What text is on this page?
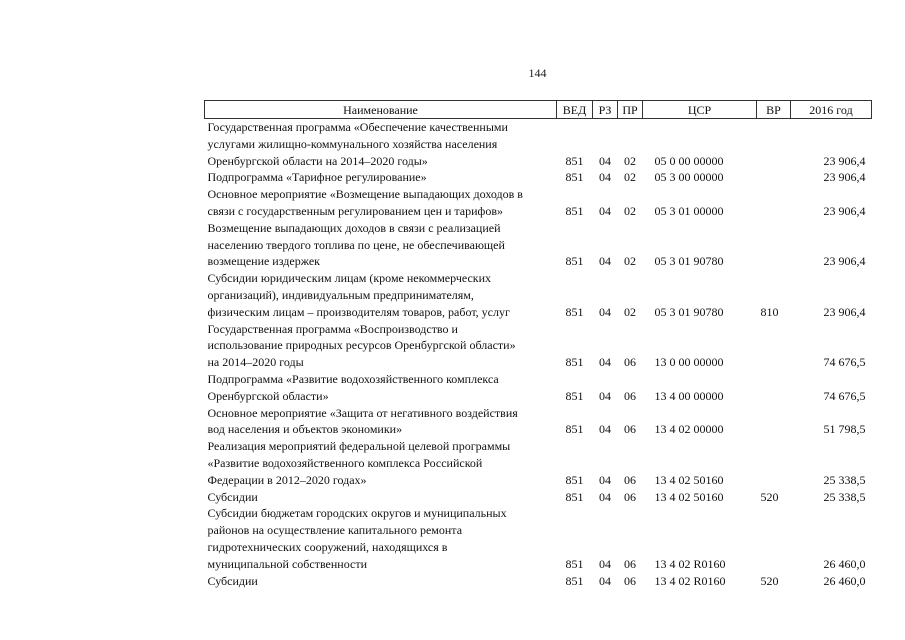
144
Наименование	ВЕД	РЗ	ПР	ЦСР	ВР	2016 год

Государственная программа «Обеспечение качественными
услугами жилищно-коммунального хозяйства населения
Оренбургской области на 2014–2020 годы»	851	04	02	05 0 00 00000		23 906,4

Подпрограмма «Тарифное регулирование»	851	04	02	05 3 00 00000		23 906,4

Основное мероприятие «Возмещение выпадающих доходов в
связи с государственным регулированием цен и тарифов»	851	04	02	05 3 01 00000		23 906,4

Возмещение выпадающих доходов в связи с реализацией
населению твердого топлива по цене, не обеспечивающей
возмещение издержек	851	04	02	05 3 01 90780		23 906,4

Субсидии юридическим лицам (кроме некоммерческих
организаций), индивидуальным предпринимателям,
физическим лицам – производителям товаров, работ, услуг	851	04	02	05 3 01 90780	810	23 906,4

Государственная программа «Воспроизводство и
использование природных ресурсов Оренбургской области»
на 2014–2020 годы	851	04	06	13 0 00 00000		74 676,5

Подпрограмма «Развитие водохозяйственного комплекса
Оренбургской области»	851	04	06	13 4 00 00000		74 676,5

Основное мероприятие «Защита от негативного воздействия
вод населения и объектов экономики»	851	04	06	13 4 02 00000		51 798,5

Реализация мероприятий федеральной целевой программы
«Развитие водохозяйственного комплекса Российской
Федерации в 2012–2020 годах»	851	04	06	13 4 02 50160		25 338,5

Субсидии	851	04	06	13 4 02 50160	520	25 338,5

Субсидии бюджетам городских округов и муниципальных
районов на осуществление капитального ремонта
гидротехнических сооружений, находящихся в
муниципальной собственности	851	04	06	13 4 02 R0160		26 460,0

Субсидии	851	04	06	13 4 02 R0160	520	26 460,0
